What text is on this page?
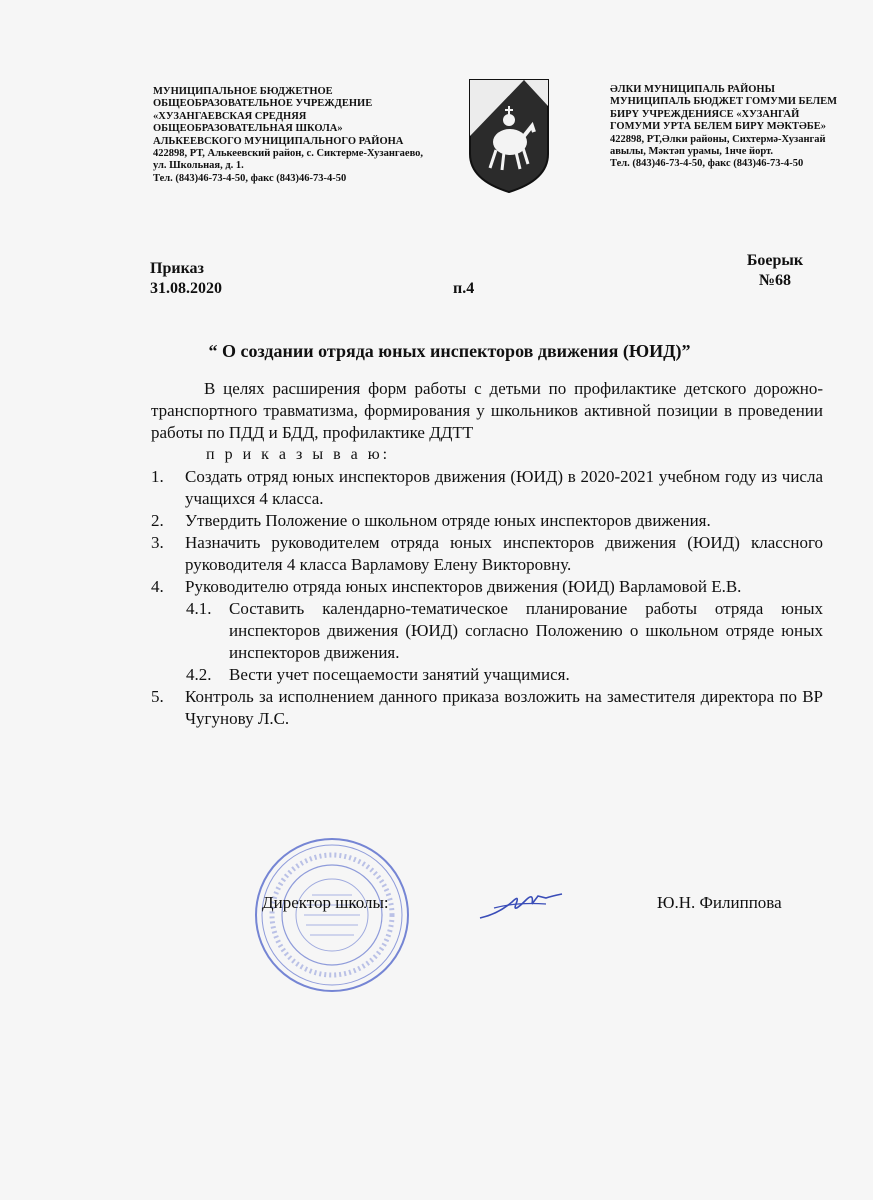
МУНИЦИПАЛЬНОЕ БЮДЖЕТНОЕ
ОБЩЕОБРАЗОВАТЕЛЬНОЕ УЧРЕЖДЕНИЕ
«ХУЗАНГАЕВСКАЯ СРЕДНЯЯ
ОБЩЕОБРАЗОВАТЕЛЬНАЯ ШКОЛА»
АЛЬКЕЕВСКОГО МУНИЦИПАЛЬНОГО РАЙОНА
422898, РТ, Алькеевский район, с. Сиктерме-Хузангаево,
ул. Школьная, д. 1.
Тел. (843)46-73-4-50, факс (843)46-73-4-50
ӘЛКИ МУНИЦИПАЛЬ РАЙОНЫ
МУНИЦИПАЛЬ БЮДЖЕТ ГОМУМИ БЕЛЕМ
БИРҮ УЧРЕЖДЕНИЯСЕ «ХУЗАНГАЙ
ГОМУМИ УРТА БЕЛЕМ БИРҮ МӘКТӘБЕ»
422898, РТ,Әлки районы, Сихтермә-Хузангай
авылы, Мәктәп урамы, 1нче йорт.
Тел. (843)46-73-4-50, факс (843)46-73-4-50
Приказ
31.08.2020	п.4
Боерык
№68
“ О создании отряда юных инспекторов движения (ЮИД)”
В целях расширения форм работы с детьми по профилактике детского дорожно-транспортного травматизма, формирования у школьников активной позиции в проведении работы по ПДД и БДД, профилактике ДДТТ
п р и к а з ы в а ю:
1.	Создать отряд юных инспекторов движения (ЮИД) в 2020-2021 учебном году из числа учащихся 4 класса.
2.	Утвердить Положение о школьном отряде юных инспекторов движения.
3.	Назначить руководителем отряда юных инспекторов движения (ЮИД) классного руководителя 4 класса Варламову Елену Викторовну.
4.	Руководителю отряда юных инспекторов движения (ЮИД) Варламовой Е.В.
4.1.	Составить календарно-тематическое планирование работы отряда юных инспекторов движения (ЮИД) согласно Положению о школьном отряде юных инспекторов движения.
4.2.	Вести учет посещаемости занятий учащимися.
5.	Контроль за исполнением данного приказа возложить на заместителя директора по ВР Чугунову Л.С.
Директор школы:	Ю.Н. Филиппова
